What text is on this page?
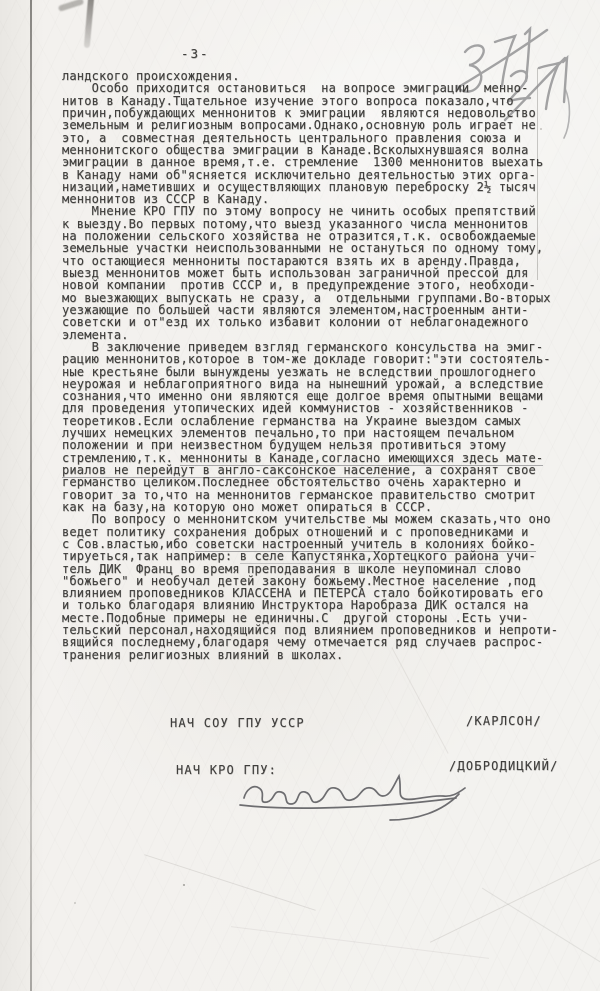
-3-
ландского происхождения.
Особо приходится остановиться  на вопросе эмиграции  менно-
нитов в Канаду.Тщательное изучение этого вопроса показало,что
причин,побуждающих меннонитов к эмиграции  являются недовольство
земельным и религиозным вопросами.Однако,основную роль играет не
это, а  совместная деятельность центрального правления союза и
меннонитского общества эмиграции в Канаде.Всколыхнувшаяся волна
эмиграции в данное время,т.е. стремление  1300 меннонитов выехать
в Канаду нами об"ясняется исключительно деятельностью этих орга-
низаций,наметивших и осуществляющих плановую переброску 2½ тысяч
меннонитов из СССР в Канаду.
Мнение КРО ГПУ по этому вопросу не чинить особых препятствий
к выезду.Во первых потому,что выезд указанного числа меннонитов
на положении сельского хозяйства не отразится,т.к. освобождаемые
земельные участки неиспользованными не остануться по одному тому,
что остающиеся меннониты постараются взять их в аренду.Правда,
выезд меннонитов может быть использован заграничной прессой для
новой компании  против СССР и, в предупреждение этого, необходи-
мо выезжающих выпускать не сразу, а  отдельными группами.Во-вторых
уезжающие по большей части являются элементом,настроенным анти-
советски и от"езд их только избавит колонии от неблагонадежного
элемента.
В заключение приведем взгляд германского консульства на эмиг-
рацию меннонитов,которое в том-же докладе говорит:"эти состоятель-
ные крестьяне были вынуждены уезжать не вследствии прошлогоднего
неурожая и неблагоприятного вида на нынешний урожай, а вследствие
сознания,что именно они являются еще долгое время опытными вещами
для проведения утопических идей коммунистов - хозяйственников -
теоретиков.Если ослабление германства на Украине выездом самых
лучших немецких элементов печально,то при настоящем печальном
положении и при неизвестном будущем нельзя противиться этому
стремлению,т.к. меннониты в Канаде,согласно имеющихся здесь мате-
риалов не перейдут в англо-саксонское население, а сохранят свое
германство целиком.Последнее обстоятельство очень характерно и
говорит за то,что на меннонитов германское правительство смотрит
как на базу,на которую оно может опираться в СССР.
По вопросу о меннонитском учительстве мы можем сказать,что оно
ведет политику сохранения добрых отношений и с проповедниками и
с Сов.властью,ибо советски настроенный учитель в колониях бойко-
тируеться,так например: в селе Капустянка,Хортецкого района учи-
тель ДИК  Франц во время преподавания в школе неупоминал слово
"божьего" и необучал детей закону божьему.Местное население ,под
влиянием проповедников КЛАССЕНА и ПЕТЕРСА стало бойкотировать его
и только благодаря влиянию Инструктора Наробраза ДИК остался на
месте.Подобные примеры не единичны.С  другой стороны .Есть учи-
тельский персонал,находящийся под влиянием проповедников и непроти-
вящийся последнему,благодаря чему отмечается ряд случаев распрос-
транения религиозных влияний в школах.
НАЧ СОУ ГПУ УССР	/КАРЛСОН/
НАЧ КРО ГПУ:	/ДОБРОДИЦКИЙ/
